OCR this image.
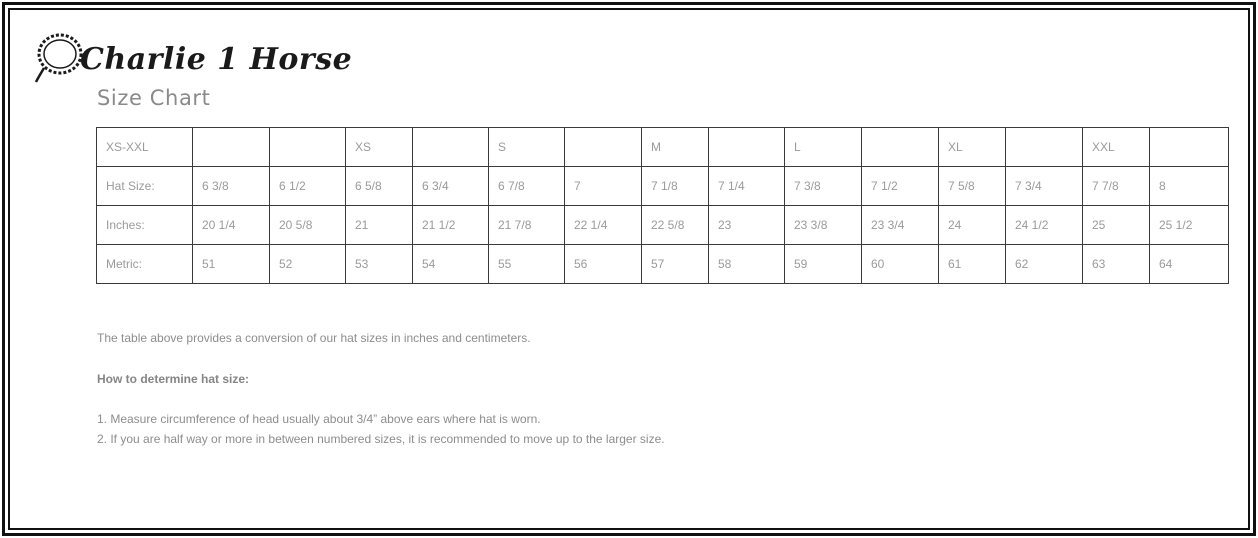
Charlie 1 Horse
Size Chart
XS-XXL			XS		S		M		L		XL		XXL	
Hat Size:	6 3/8	6 1/2	6 5/8	6 3/4	6 7/8	7	7 1/8	7 1/4	7 3/8	7 1/2	7 5/8	7 3/4	7 7/8	8
Inches:	20 1/4	20 5/8	21	21 1/2	21 7/8	22 1/4	22 5/8	23	23 3/8	23 3/4	24	24 1/2	25	25 1/2
Metric:	51	52	53	54	55	56	57	58	59	60	61	62	63	64
The table above provides a conversion of our hat sizes in inches and centimeters.
How to determine hat size:
1. Measure circumference of head usually about 3/4” above ears where hat is worn.
2. If you are half way or more in between numbered sizes, it is recommended to move up to the larger size.
